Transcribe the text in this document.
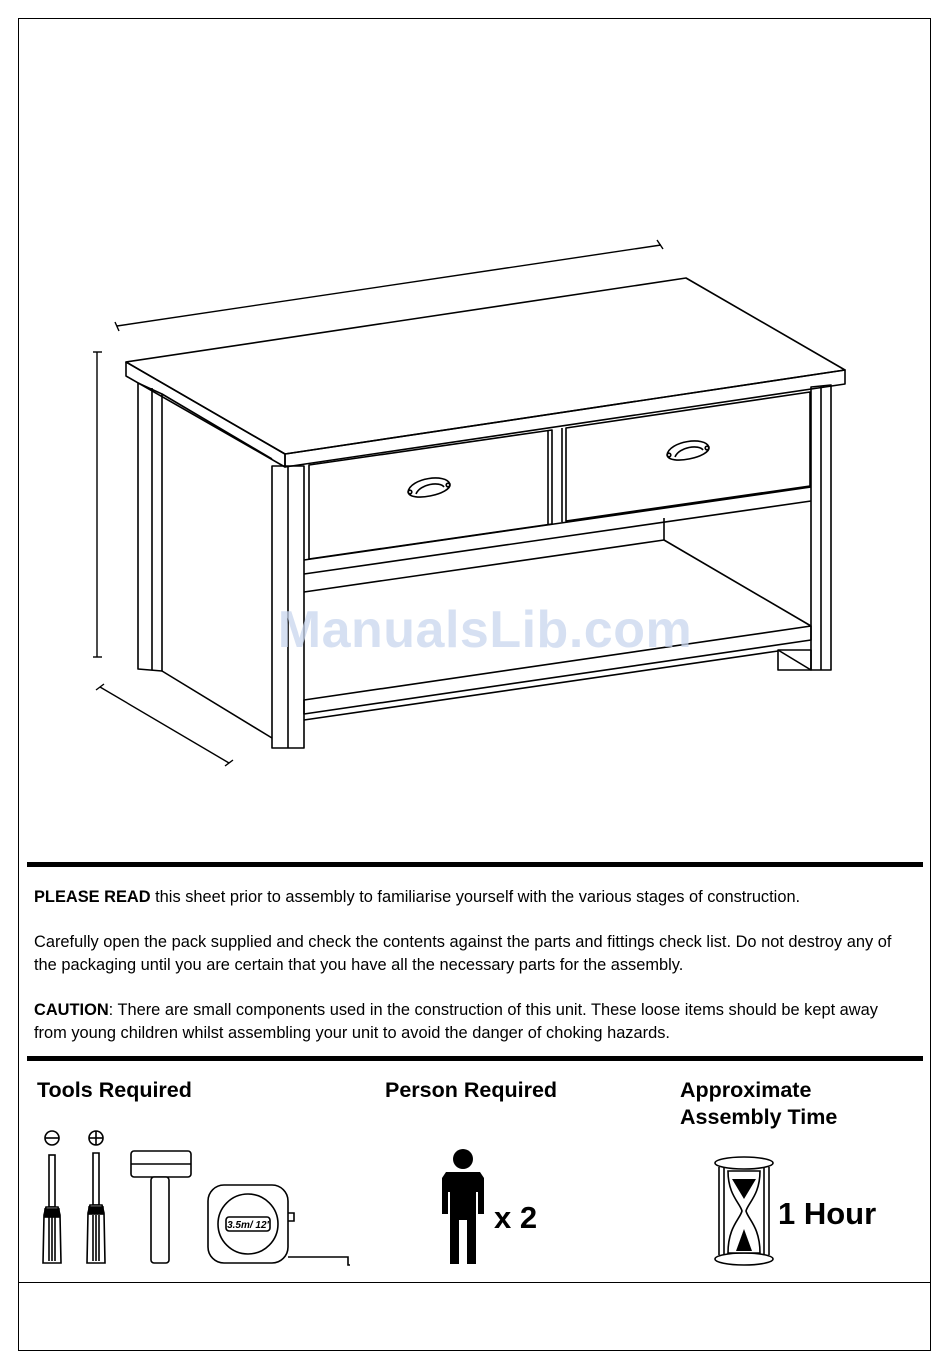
ManualsLib.com

PLEASE READ this sheet prior to assembly to familiarise yourself with the various stages of construction.

Carefully open the pack supplied and check the contents against the parts and fittings check list. Do not destroy any of the packaging until you are certain that you have all the necessary parts for the assembly.

CAUTION: There are small components used in the construction of this unit. These loose items should be kept away from young children whilst assembling your unit to avoid the danger of choking hazards.

Tools Required
3.5m/ 12'
Person Required
x 2
Approximate
Assembly Time
1 Hour
